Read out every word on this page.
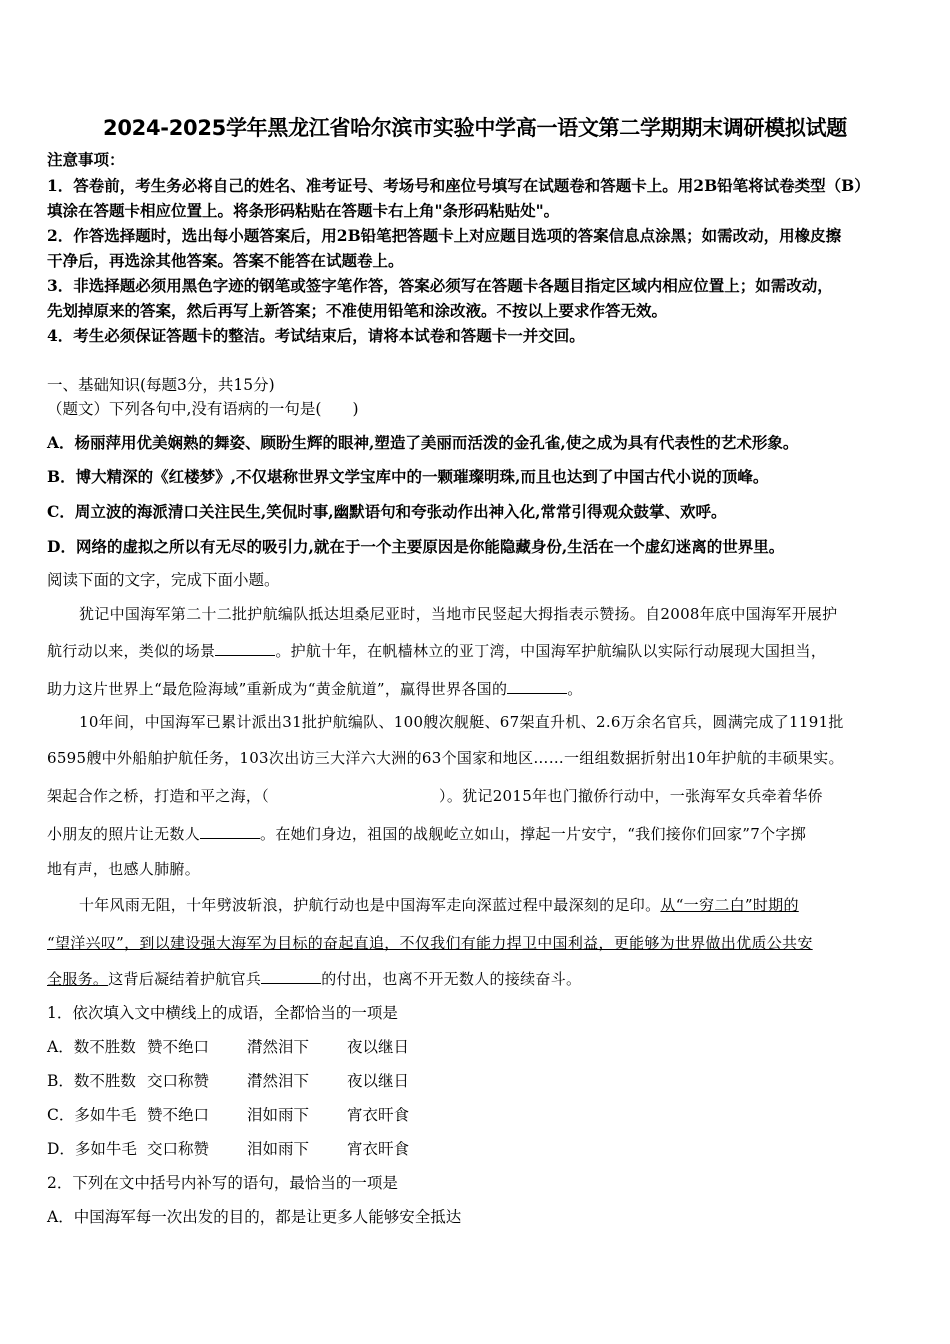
2024-2025学年黑龙江省哈尔滨市实验中学高一语文第二学期期末调研模拟试题
注意事项：
1．答卷前，考生务必将自己的姓名、准考证号、考场号和座位号填写在试题卷和答题卡上。用2B铅笔将试卷类型（B）
填涂在答题卡相应位置上。将条形码粘贴在答题卡右上角"条形码粘贴处"。
2．作答选择题时，选出每小题答案后，用2B铅笔把答题卡上对应题目选项的答案信息点涂黑；如需改动，用橡皮擦
干净后，再选涂其他答案。答案不能答在试题卷上。
3．非选择题必须用黑色字迹的钢笔或签字笔作答，答案必须写在答题卡各题目指定区域内相应位置上；如需改动，
先划掉原来的答案，然后再写上新答案；不准使用铅笔和涂改液。不按以上要求作答无效。
4．考生必须保证答题卡的整洁。考试结束后，请将本试卷和答题卡一并交回。
一、基础知识(每题3分，共15分)
（题文）下列各句中,没有语病的一句是(　　)
A．杨丽萍用优美娴熟的舞姿、顾盼生辉的眼神,塑造了美丽而活泼的金孔雀,使之成为具有代表性的艺术形象。
B．博大精深的《红楼梦》,不仅堪称世界文学宝库中的一颗璀璨明珠,而且也达到了中国古代小说的顶峰。
C．周立波的海派清口关注民生,笑侃时事,幽默语句和夸张动作出神入化,常常引得观众鼓掌、欢呼。
D．网络的虚拟之所以有无尽的吸引力,就在于一个主要原因是你能隐藏身份,生活在一个虚幻迷离的世界里。
阅读下面的文字，完成下面小题。
犹记中国海军第二十二批护航编队抵达坦桑尼亚时，当地市民竖起大拇指表示赞扬。自2008年底中国海军开展护
航行动以来，类似的场景	。护航十年，在帆樯林立的亚丁湾，中国海军护航编队以实际行动展现大国担当，
助力这片世界上“最危险海域”重新成为“黄金航道”，赢得世界各国的	。
10年间，中国海军已累计派出31批护航编队、100艘次舰艇、67架直升机、2.6万余名官兵，圆满完成了1191批
6595艘中外船舶护航任务，103次出访三大洋六大洲的63个国家和地区……一组组数据折射出10年护航的丰硕果实。
架起合作之桥，打造和平之海，（	）。犹记2015年也门撤侨行动中，一张海军女兵牵着华侨
小朋友的照片让无数人	。在她们身边，祖国的战舰屹立如山，撑起一片安宁，“我们接你们回家”7个字掷
地有声，也感人肺腑。
十年风雨无阻，十年劈波斩浪，护航行动也是中国海军走向深蓝过程中最深刻的足印。从“一穷二白”时期的
“望洋兴叹”，到以建设强大海军为目标的奋起直追，不仅我们有能力捍卫中国利益，更能够为世界做出优质公共安
全服务。这背后凝结着护航官兵	的付出，也离不开无数人的接续奋斗。
1．依次填入文中横线上的成语，全都恰当的一项是
A．数不胜数 赞不绝口 潸然泪下 夜以继日
B．数不胜数 交口称赞 潸然泪下 夜以继日
C．多如牛毛 赞不绝口 泪如雨下 宵衣旰食
D．多如牛毛 交口称赞 泪如雨下 宵衣旰食
2．下列在文中括号内补写的语句，最恰当的一项是
A．中国海军每一次出发的目的，都是让更多人能够安全抵达
